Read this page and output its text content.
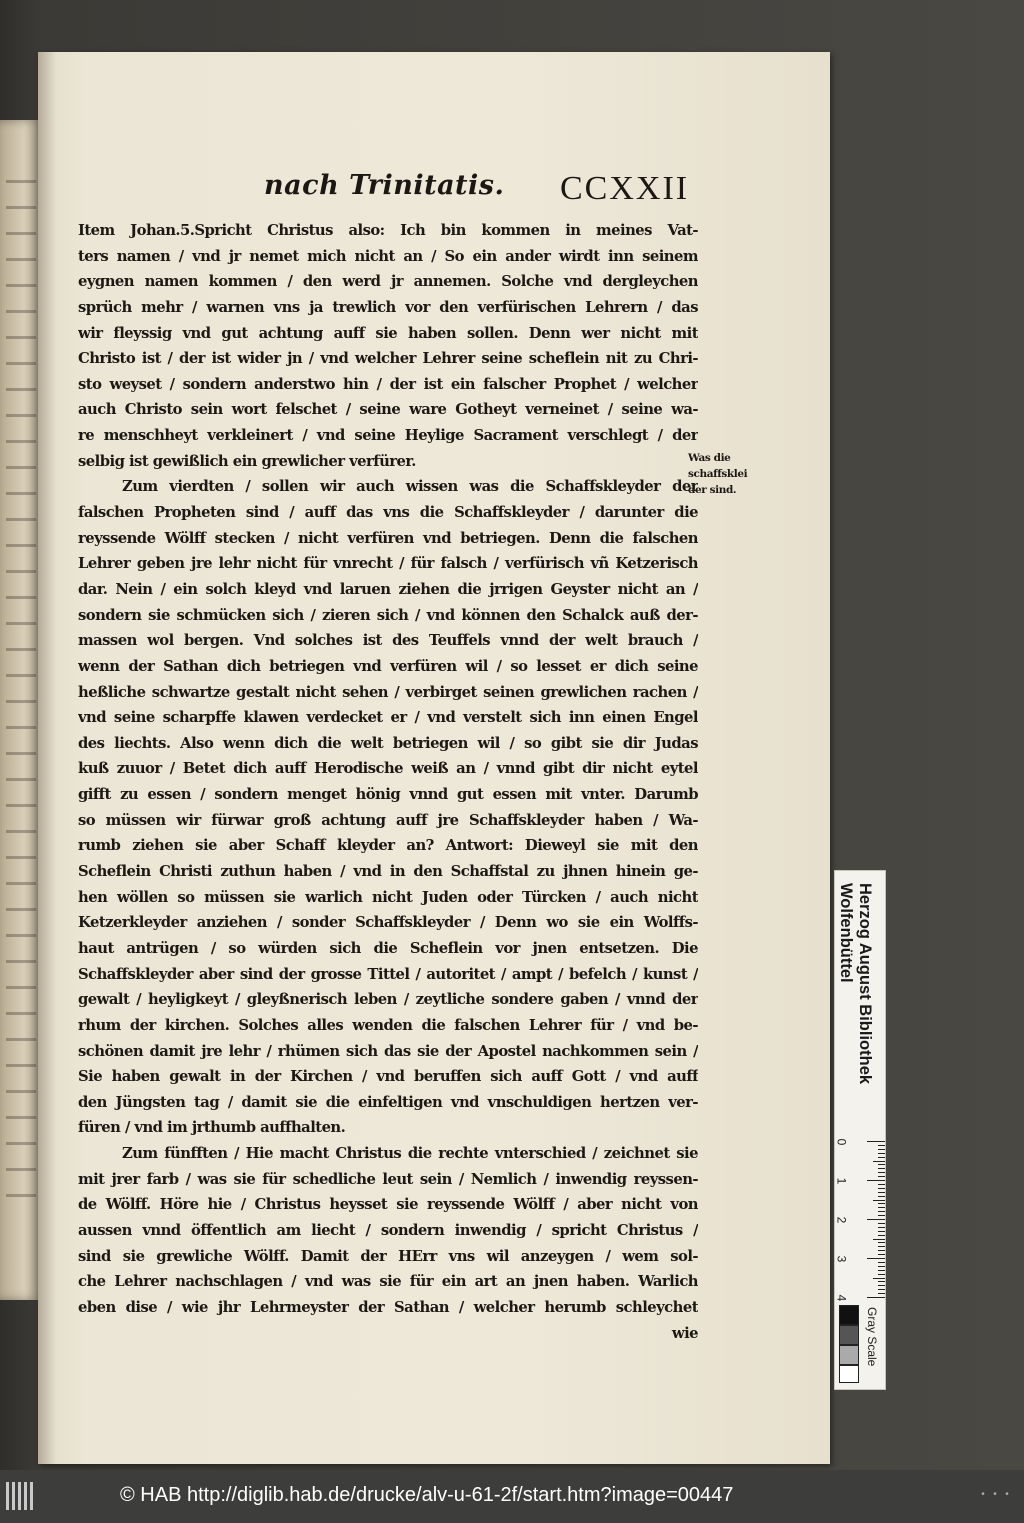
nach Trinitatis. CCXXII
Item Johan.5.Spricht Christus also: Ich bin kommen in meines Vat-
ters namen / vnd jr nemet mich nicht an / So ein ander wirdt inn seinem
eygnen namen kommen / den werd jr annemen. Solche vnd dergleychen
sprüch mehr / warnen vns ja trewlich vor den verfürischen Lehrern / das
wir fleyssig vnd gut achtung auff sie haben sollen. Denn wer nicht mit
Christo ist / der ist wider jn / vnd welcher Lehrer seine scheflein nit zu Chri-
sto weyset / sondern anderstwo hin / der ist ein falscher Prophet / welcher
auch Christo sein wort felschet / seine ware Gotheyt verneinet / seine wa-
re menschheyt verkleinert / vnd seine Heylige Sacrament verschlegt / der
selbig ist gewißlich ein grewlicher verfürer.
Zum vierdten / sollen wir auch wissen was die Schaffskleyder der
falschen Propheten sind / auff das vns die Schaffskleyder / darunter die
reyssende Wölff stecken / nicht verfüren vnd betriegen. Denn die falschen
Lehrer geben jre lehr nicht für vnrecht / für falsch / verfürisch vñ Ketzerisch
dar. Nein / ein solch kleyd vnd laruen ziehen die jrrigen Geyster nicht an /
sondern sie schmücken sich / zieren sich / vnd können den Schalck auß der-
massen wol bergen. Vnd solches ist des Teuffels vnnd der welt brauch /
wenn der Sathan dich betriegen vnd verfüren wil / so lesset er dich seine
heßliche schwartze gestalt nicht sehen / verbirget seinen grewlichen rachen /
vnd seine scharpffe klawen verdecket er / vnd verstelt sich inn einen Engel
des liechts. Also wenn dich die welt betriegen wil / so gibt sie dir Judas
kuß zuuor / Betet dich auff Herodische weiß an / vnnd gibt dir nicht eytel
gifft zu essen / sondern menget hönig vnnd gut essen mit vnter. Darumb
so müssen wir fürwar groß achtung auff jre Schaffskleyder haben / Wa-
rumb ziehen sie aber Schaff kleyder an? Antwort: Dieweyl sie mit den
Scheflein Christi zuthun haben / vnd in den Schaffstal zu jhnen hinein ge-
hen wöllen so müssen sie warlich nicht Juden oder Türcken / auch nicht
Ketzerkleyder anziehen / sonder Schaffskleyder / Denn wo sie ein Wolffs-
haut antrügen / so würden sich die Scheflein vor jnen entsetzen. Die
Schaffskleyder aber sind der grosse Tittel / autoritet / ampt / befelch / kunst /
gewalt / heyligkeyt / gleyßnerisch leben / zeytliche sondere gaben / vnnd der
rhum der kirchen. Solches alles wenden die falschen Lehrer für / vnd be-
schönen damit jre lehr / rhümen sich das sie der Apostel nachkommen sein /
Sie haben gewalt in der Kirchen / vnd beruffen sich auff Gott / vnd auff
den Jüngsten tag / damit sie die einfeltigen vnd vnschuldigen hertzen ver-
füren / vnd im jrthumb auffhalten.
Zum fünfften / Hie macht Christus die rechte vnterschied / zeichnet sie
mit jrer farb / was sie für schedliche leut sein / Nemlich / inwendig reyssen-
de Wölff. Höre hie / Christus heysset sie reyssende Wölff / aber nicht von
aussen vnnd öffentlich am liecht / sondern inwendig / spricht Christus /
sind sie grewliche Wölff. Damit der HErr vns wil anzeygen / wem sol-
che Lehrer nachschlagen / vnd was sie für ein art an jnen haben. Warlich
eben dise / wie jhr Lehrmeyster der Sathan / welcher herumb schleychet
wie
Was die
schaffsklei
der sind.
Herzog August Bibliothek
Wolfenbüttel
0
1
2
3
4
Gray Scale
© HAB http://diglib.hab.de/drucke/alv-u-61-2f/start.htm?image=00447	• • •
